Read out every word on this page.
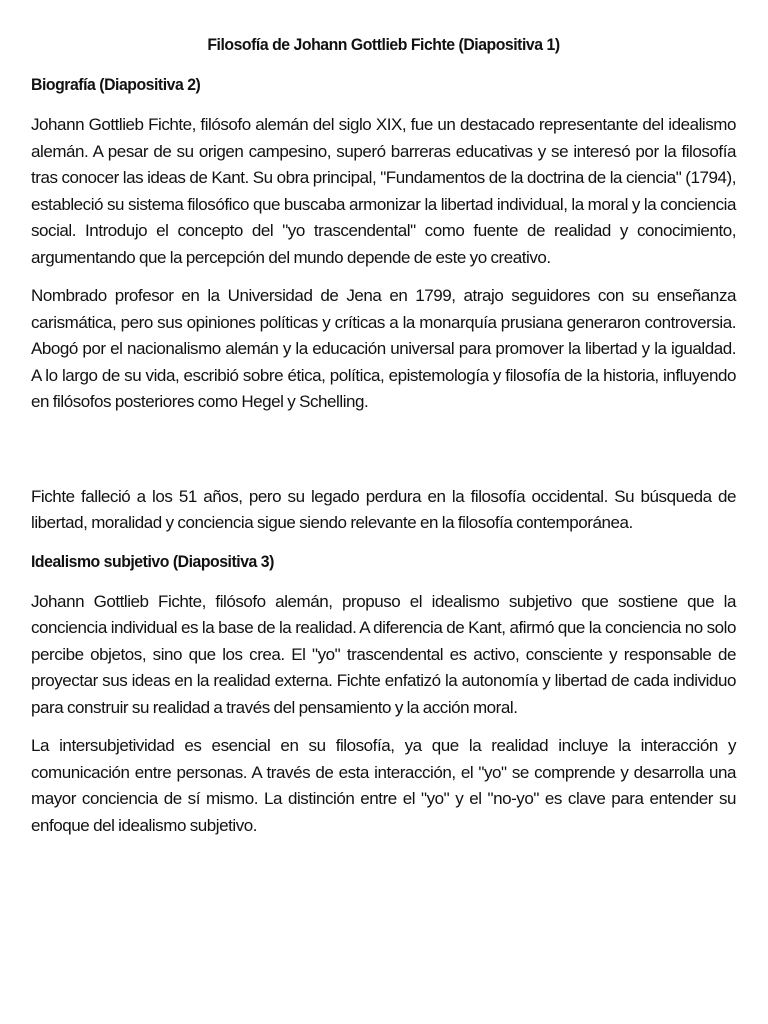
Filosofía de Johann Gottlieb Fichte (Diapositiva 1)
Biografía (Diapositiva 2)

Johann Gottlieb Fichte, filósofo alemán del siglo XIX, fue un destacado representante del idealismo alemán. A pesar de su origen campesino, superó barreras educativas y se interesó por la filosofía tras conocer las ideas de Kant. Su obra principal, "Fundamentos de la doctrina de la ciencia" (1794), estableció su sistema filosófico que buscaba armonizar la libertad individual, la moral y la conciencia social. Introdujo el concepto del "yo trascendental" como fuente de realidad y conocimiento, argumentando que la percepción del mundo depende de este yo creativo.

Nombrado profesor en la Universidad de Jena en 1799, atrajo seguidores con su enseñanza carismática, pero sus opiniones políticas y críticas a la monarquía prusiana generaron controversia. Abogó por el nacionalismo alemán y la educación universal para promover la libertad y la igualdad. A lo largo de su vida, escribió sobre ética, política, epistemología y filosofía de la historia, influyendo en filósofos posteriores como Hegel y Schelling.

Fichte falleció a los 51 años, pero su legado perdura en la filosofía occidental. Su búsqueda de libertad, moralidad y conciencia sigue siendo relevante en la filosofía contemporánea.

Idealismo subjetivo (Diapositiva 3)

Johann Gottlieb Fichte, filósofo alemán, propuso el idealismo subjetivo que sostiene que la conciencia individual es la base de la realidad. A diferencia de Kant, afirmó que la conciencia no solo percibe objetos, sino que los crea. El "yo" trascendental es activo, consciente y responsable de proyectar sus ideas en la realidad externa. Fichte enfatizó la autonomía y libertad de cada individuo para construir su realidad a través del pensamiento y la acción moral.

La intersubjetividad es esencial en su filosofía, ya que la realidad incluye la interacción y comunicación entre personas. A través de esta interacción, el "yo" se comprende y desarrolla una mayor conciencia de sí mismo. La distinción entre el "yo" y el "no-yo" es clave para entender su enfoque del idealismo subjetivo.
